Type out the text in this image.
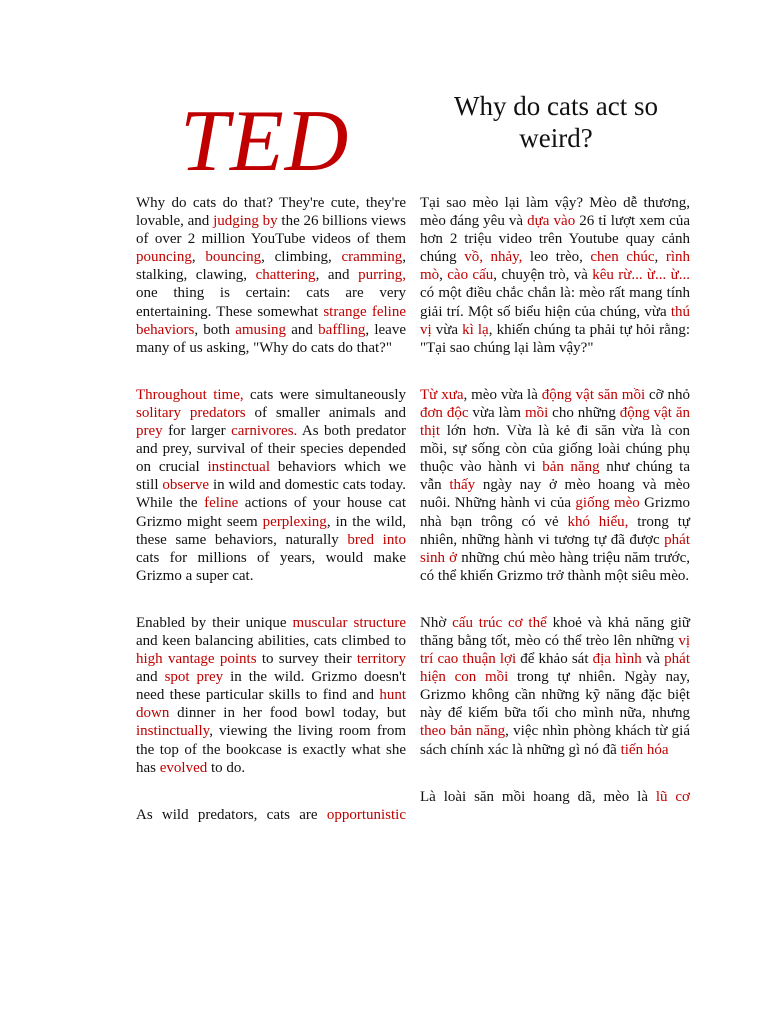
TED	Why do cats act so weird?

Why do cats do that? They're cute, they're lovable, and judging by the 26 billions views of over 2 million YouTube videos of them pouncing, bouncing, climbing, cramming, stalking, clawing, chattering, and purring, one thing is certain: cats are very entertaining. These somewhat strange feline behaviors, both amusing and baffling, leave many of us asking, "Why do cats do that?"

Throughout time, cats were simultaneously solitary predators of smaller animals and prey for larger carnivores. As both predator and prey, survival of their species depended on crucial instinctual behaviors which we still observe in wild and domestic cats today. While the feline actions of your house cat Grizmo might seem perplexing, in the wild, these same behaviors, naturally bred into cats for millions of years, would make Grizmo a super cat.

Enabled by their unique muscular structure and keen balancing abilities, cats climbed to high vantage points to survey their territory and spot prey in the wild. Grizmo doesn't need these particular skills to find and hunt down dinner in her food bowl today, but instinctually, viewing the living room from the top of the bookcase is exactly what she has evolved to do.

As wild predators, cats are opportunistic

Tại sao mèo lại làm vậy? Mèo dễ thương, mèo đáng yêu và dựa vào 26 tỉ lượt xem của hơn 2 triệu video trên Youtube quay cảnh chúng vồ, nhảy, leo trèo, chen chúc, rình mò, cào cấu, chuyện trò, và kêu rừ... ừ... ừ... có một điều chắc chắn là: mèo rất mang tính giải trí. Một số biểu hiện của chúng, vừa thú vị vừa kì lạ, khiến chúng ta phải tự hỏi rằng: "Tại sao chúng lại làm vậy?"

Từ xưa, mèo vừa là động vật săn mồi cỡ nhỏ đơn độc vừa làm mồi cho những động vật ăn thịt lớn hơn. Vừa là kẻ đi săn vừa là con mồi, sự sống còn của giống loài chúng phụ thuộc vào hành vi bản năng như chúng ta vẫn thấy ngày nay ở mèo hoang và mèo nuôi. Những hành vi của giống mèo Grizmo nhà bạn trông có vẻ khó hiểu, trong tự nhiên, những hành vi tương tự đã được phát sinh ở những chú mèo hàng triệu năm trước, có thể khiến Grizmo trở thành một siêu mèo.

Nhờ cấu trúc cơ thể khoẻ và khả năng giữ thăng bằng tốt, mèo có thể trèo lên những vị trí cao thuận lợi để khảo sát địa hình và phát hiện con mồi trong tự nhiên. Ngày nay, Grizmo không cần những kỹ năng đặc biệt này để kiếm bữa tối cho mình nữa, nhưng theo bản năng, việc nhìn phòng khách từ giá sách chính xác là những gì nó đã tiến hóa

Là loài săn mồi hoang dã, mèo là lũ cơ
